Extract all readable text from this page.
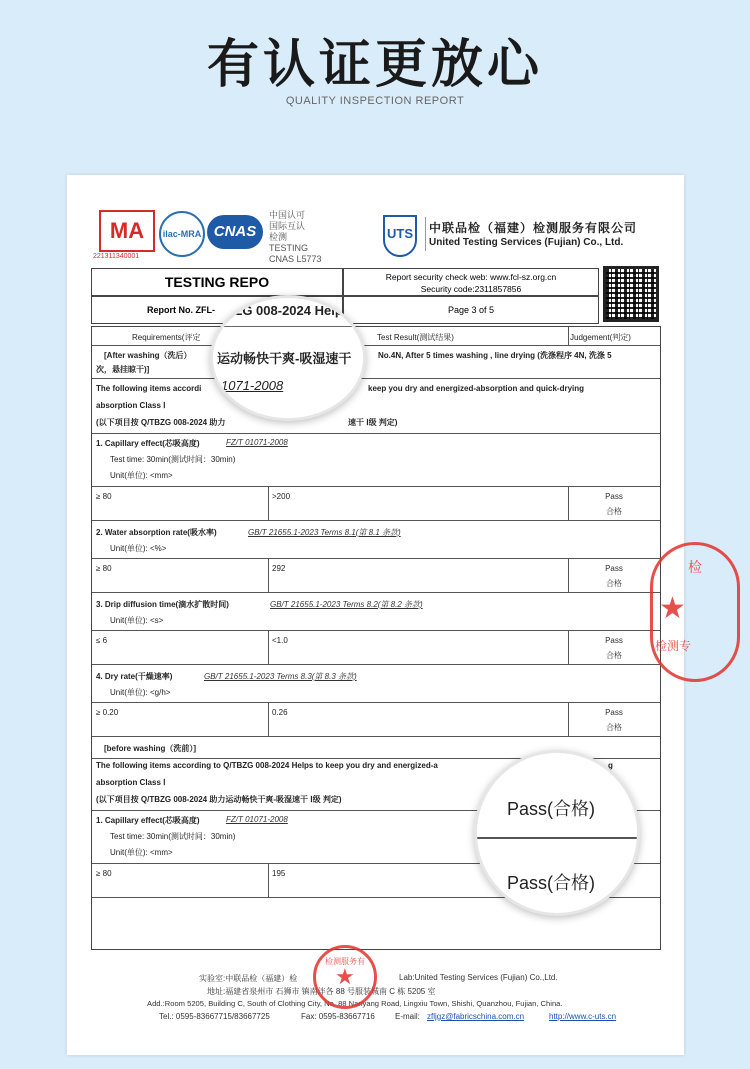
有认证更放心
QUALITY INSPECTION REPORT
MA
221311340001
ilac-MRA CNAS
中国认可
国际互认
检测
TESTING
CNAS L5773
UTS	中联品检（福建）检测服务有限公司
United Testing Services (Fujian) Co., Ltd.
TESTING REPO	Report security check web: www.fcl-sz.org.cn
Security code:2311857856
Report No. ZFL-	Page 3 of 5
Requirements(评定	Test Result(测试结果)	Judgement(判定)
[After washing（洗后）	No.4N, After 5 times washing , line drying (洗涤程序 4N, 洗涤 5
次，悬挂晾干)]
The following items accordi	keep you dry and energized-absorption and quick-drying
absorption Class Ⅰ
(以下项目按 Q/TBZG 008-2024 助力	速干 Ⅰ级 判定)
1. Capillary effect(芯吸高度)	FZ/T 01071-2008
Test time: 30min(测试时间：30min)
Unit(单位): <mm>
≥ 80	>200	Pass
合格
2. Water absorption rate(吸水率)	GB/T 21655.1-2023 Terms 8.1(第 8.1 条款)
Unit(单位): <%>
≥ 80	292	Pass
合格
3. Drip diffusion time(滴水扩散时间)	GB/T 21655.1-2023 Terms 8.2(第 8.2 条款)
Unit(单位): <s>
≤ 6	<1.0	Pass
合格
4. Dry rate(干燥速率)	GB/T 21655.1-2023 Terms 8.3(第 8.3 条款)
Unit(单位): <g/h>
≥ 0.20	0.26	Pass
合格
[before washing（洗前）]
The following items according to Q/TBZG 008-2024 Helps to keep you dry and energized-a	g
absorption Class Ⅰ
(以下项目按 Q/TBZG 008-2024 助力运动畅快干爽-吸湿速干 Ⅰ级 判定)
1. Capillary effect(芯吸高度)	FZ/T 01071-2008
Test time: 30min(测试时间：30min)
Unit(单位): <mm>
≥ 80	195
实验室:中联品检（福建）检	Lab:United Testing Services (Fujian) Co.,Ltd.
地址:福建省泉州市 石狮市 镇南泮各 88 号服装城南 C 栋 5205 室
Add.:Room 5205, Building C, South of Clothing City, No. 88 Nanyang Road, Lingxiu Town, Shishi, Quanzhou, Fujian, China.
Tel.: 0595-83667715/83667725	Fax: 0595-83667716	E-mail: zfljgz@fabricschina.com.cn	http://www.c-uts.cn
检测服务有
★
检
★
检测专
BZG 008-2024 Helps
运动畅快干爽-吸湿速干
1071-2008
Pass(合格)
Pass(合格)
